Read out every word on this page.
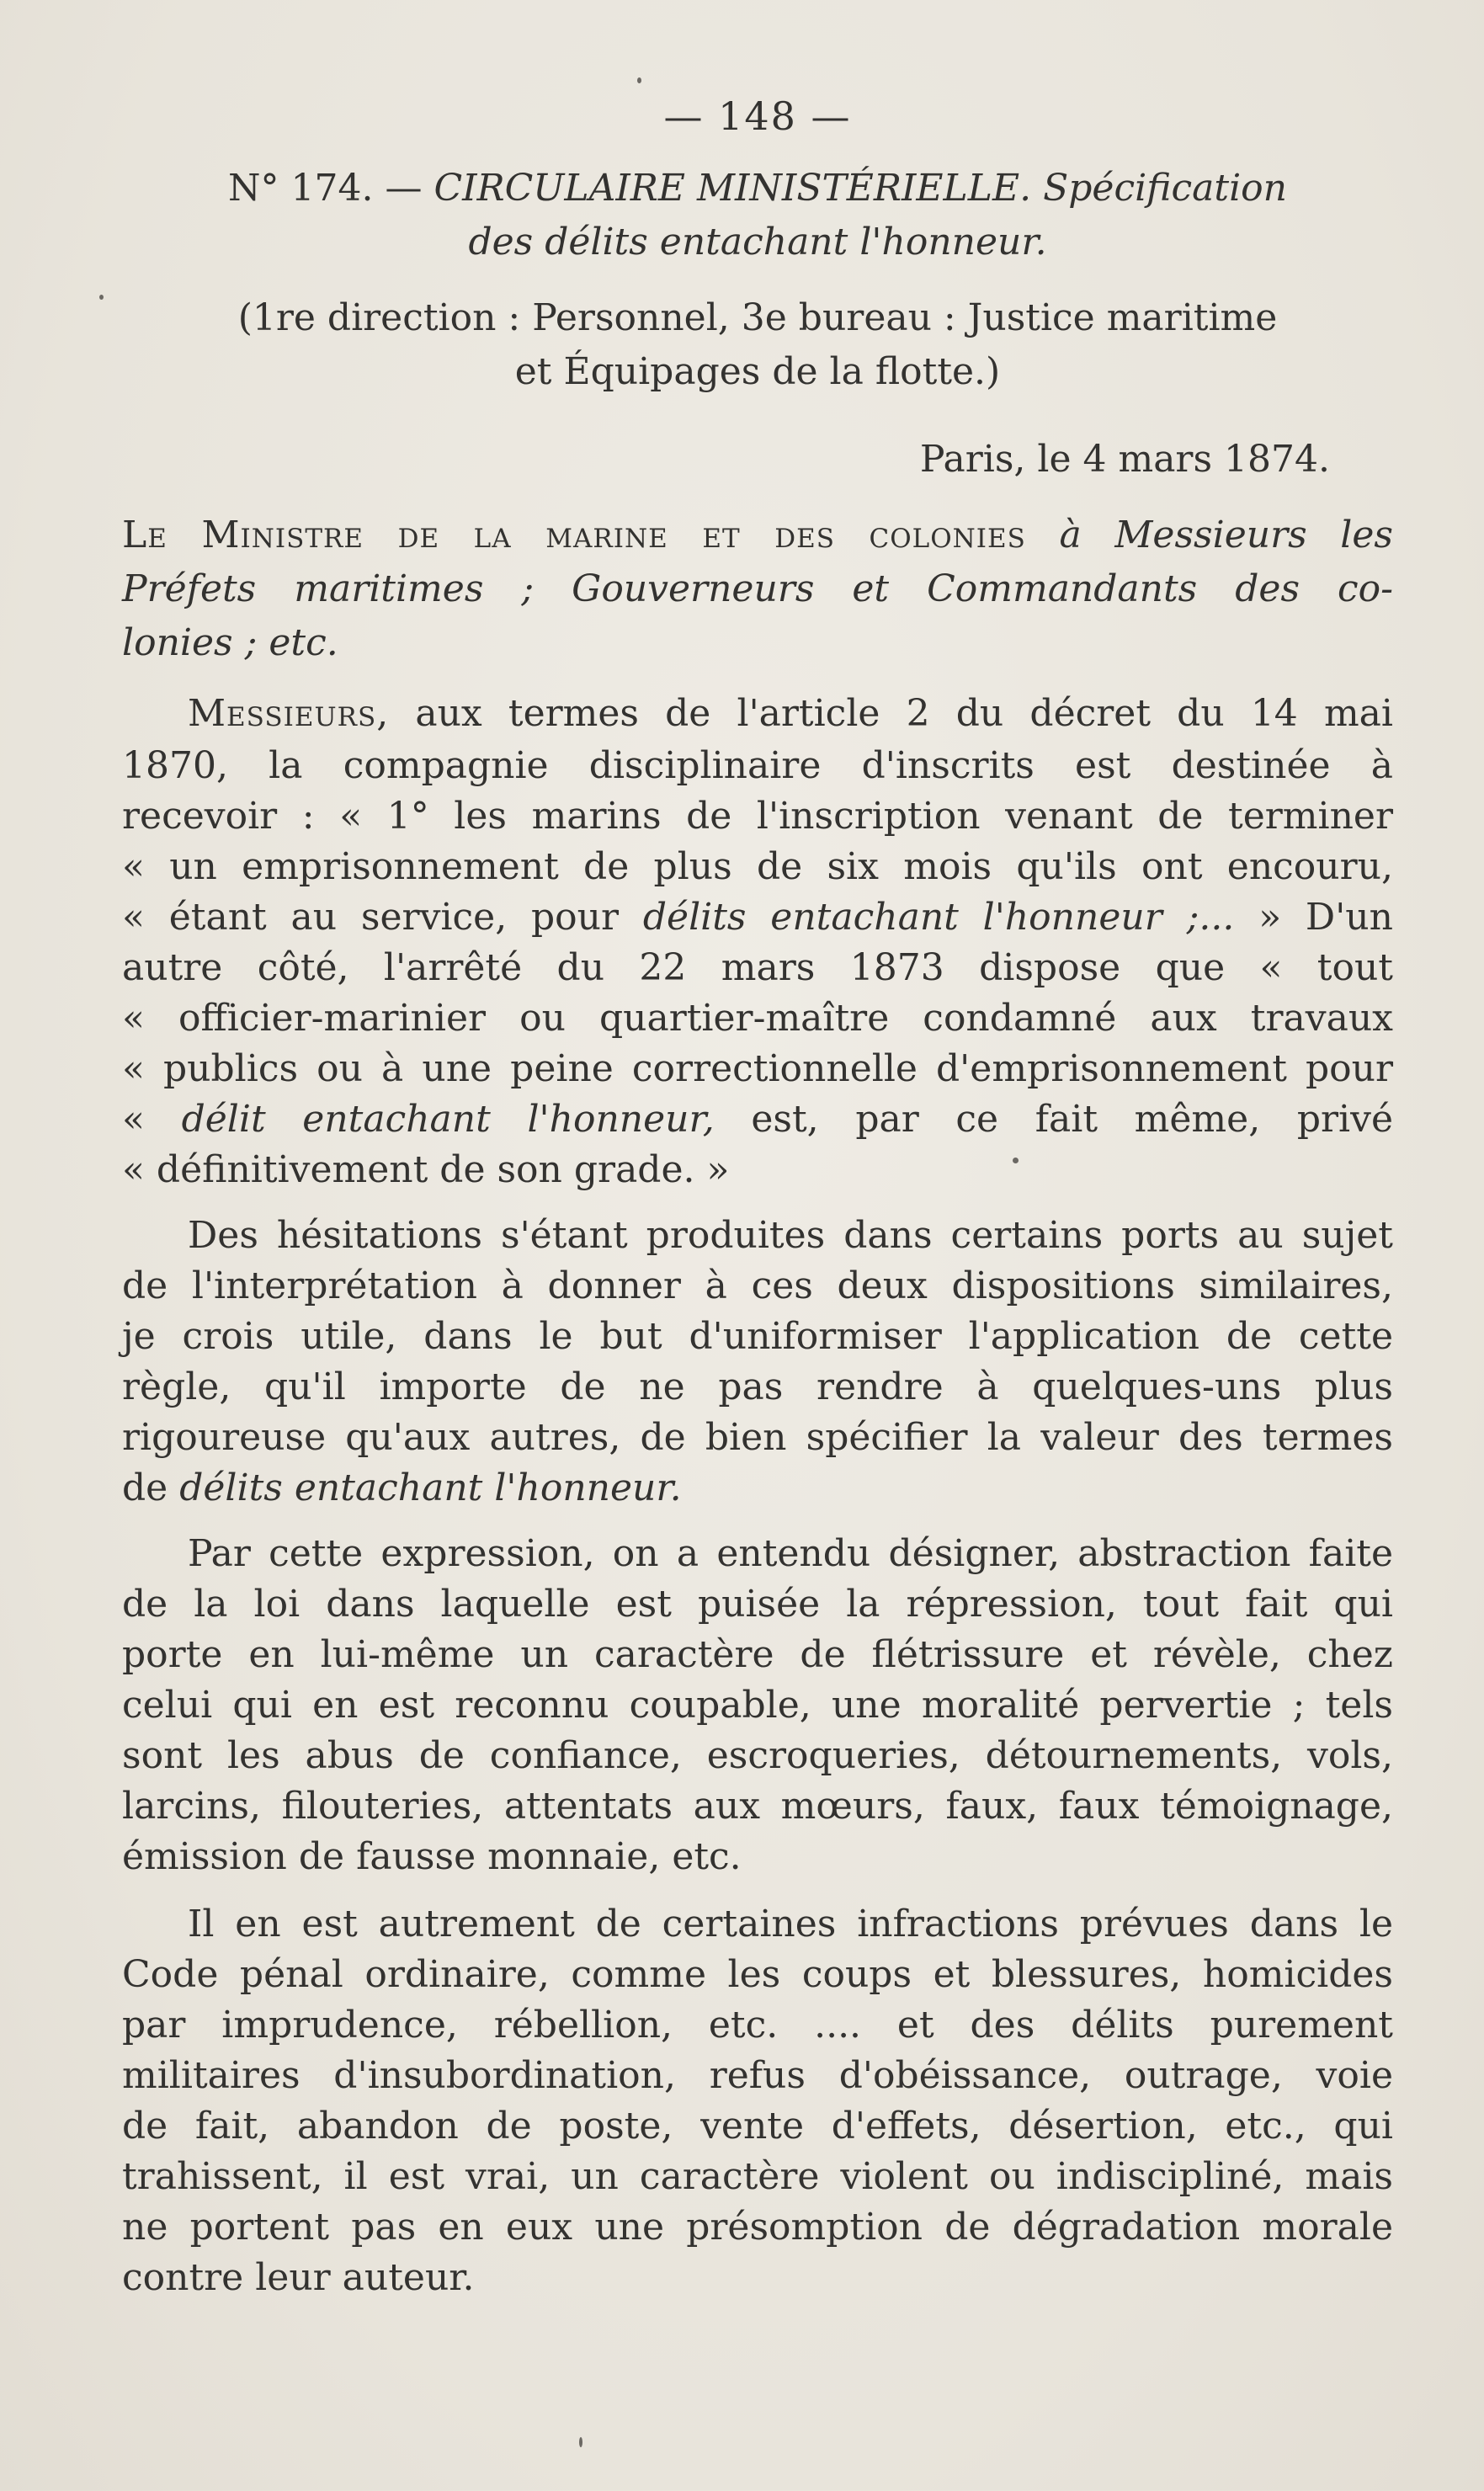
— 148 —
N° 174. — CIRCULAIRE MINISTÉRIELLE. Spécification
des délits entachant l'honneur.
(1re direction : Personnel, 3e bureau : Justice maritime
et Équipages de la flotte.)
Paris, le 4 mars 1874.
Le Ministre de la marine et des colonies à Messieurs les
Préfets maritimes ; Gouverneurs et Commandants des co-
lonies ; etc.
Messieurs, aux termes de l'article 2 du décret du 14 mai
1870, la compagnie disciplinaire d'inscrits est destinée à
recevoir : « 1° les marins de l'inscription venant de terminer
« un emprisonnement de plus de six mois qu'ils ont encouru,
« étant au service, pour délits entachant l'honneur ;... » D'un
autre côté, l'arrêté du 22 mars 1873 dispose que « tout
« officier-marinier ou quartier-maître condamné aux travaux
« publics ou à une peine correctionnelle d'emprisonnement pour
« délit entachant l'honneur, est, par ce fait même, privé
« définitivement de son grade. »
Des hésitations s'étant produites dans certains ports au sujet
de l'interprétation à donner à ces deux dispositions similaires,
je crois utile, dans le but d'uniformiser l'application de cette
règle, qu'il importe de ne pas rendre à quelques-uns plus
rigoureuse qu'aux autres, de bien spécifier la valeur des termes
de délits entachant l'honneur.
Par cette expression, on a entendu désigner, abstraction faite
de la loi dans laquelle est puisée la répression, tout fait qui
porte en lui-même un caractère de flétrissure et révèle, chez
celui qui en est reconnu coupable, une moralité pervertie ; tels
sont les abus de confiance, escroqueries, détournements, vols,
larcins, filouteries, attentats aux mœurs, faux, faux témoignage,
émission de fausse monnaie, etc.
Il en est autrement de certaines infractions prévues dans le
Code pénal ordinaire, comme les coups et blessures, homicides
par imprudence, rébellion, etc. .... et des délits purement
militaires d'insubordination, refus d'obéissance, outrage, voie
de fait, abandon de poste, vente d'effets, désertion, etc., qui
trahissent, il est vrai, un caractère violent ou indiscipliné, mais
ne portent pas en eux une présomption de dégradation morale
contre leur auteur.
